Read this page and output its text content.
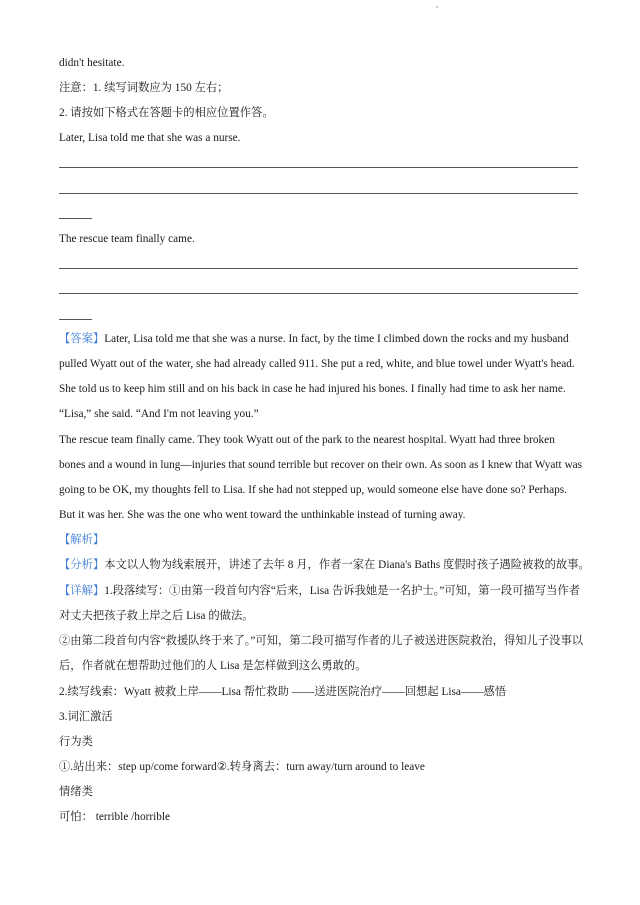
didn't hesitate.
注意：1. 续写词数应为 150 左右；
2. 请按如下格式在答题卡的相应位置作答。
Later, Lisa told me that she was a nurse.
The rescue team finally came.
【答案】Later, Lisa told me that she was a nurse. In fact, by the time I climbed down the rocks and my husband
pulled Wyatt out of the water, she had already called 911. She put a red, white, and blue towel under Wyatt's head.
She told us to keep him still and on his back in case he had injured his bones. I finally had time to ask her name.
“Lisa,” she said. “And I'm not leaving you.”
The rescue team finally came. They took Wyatt out of the park to the nearest hospital. Wyatt had three broken
bones and a wound in lung—injuries that sound terrible but recover on their own. As soon as I knew that Wyatt was
going to be OK, my thoughts fell to Lisa. If she had not stepped up, would someone else have done so? Perhaps.
But it was her. She was the one who went toward the unthinkable instead of turning away.
【解析】
【分析】本文以人物为线索展开，讲述了去年 8 月，作者一家在 Diana's Baths 度假时孩子遇险被救的故事。
【详解】1.段落续写：①由第一段首句内容“后来，Lisa 告诉我她是一名护士。”可知，第一段可描写当作者
对丈夫把孩子救上岸之后 Lisa 的做法。
②由第二段首句内容“救援队终于来了。”可知，第二段可描写作者的儿子被送进医院救治，得知儿子没事以
后，作者就在想帮助过他们的人 Lisa 是怎样做到这么勇敢的。
2.续写线索：Wyatt 被救上岸——Lisa 帮忙救助 ——送进医院治疗——回想起 Lisa——感悟
3.词汇激活
行为类
①.站出来：step up/come forward②.转身离去：turn away/turn around to leave
情绪类
可怕： terrible /horrible
